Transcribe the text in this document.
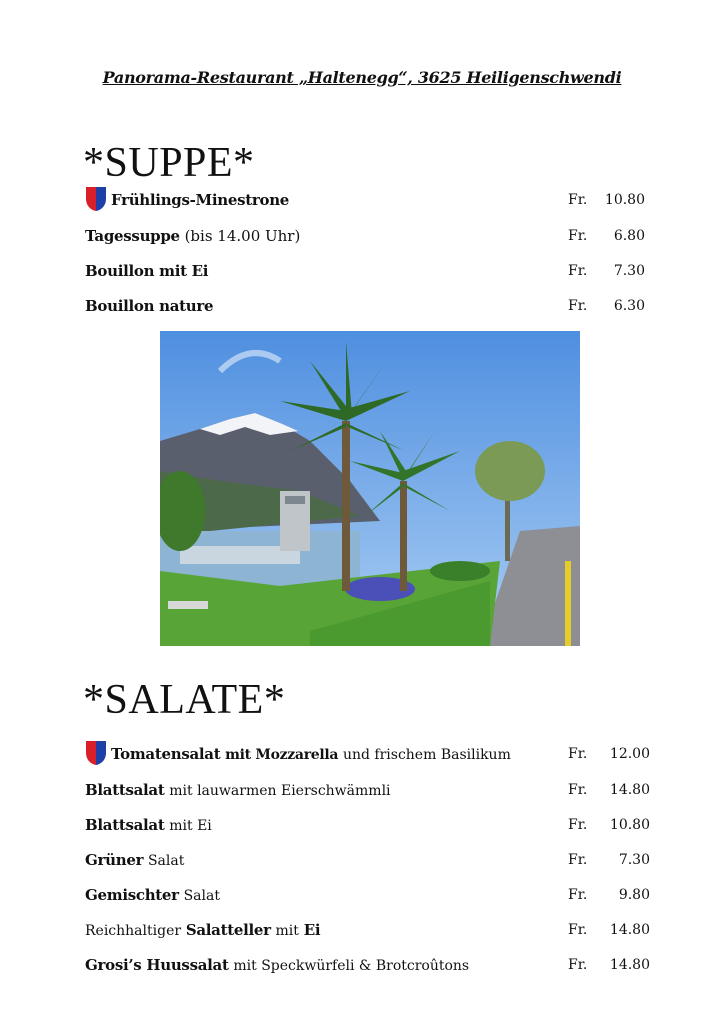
Panorama-Restaurant „Haltenegg“, 3625 Heiligenschwendi
*SUPPE*
Frühlings-Minestrone	Fr. 10.80
Tagessuppe (bis 14.00 Uhr)	Fr. 6.80
Bouillon mit Ei	Fr. 7.30
Bouillon nature	Fr. 6.30
*SALATE*
Tomatensalat mit Mozzarella und frischem Basilikum	Fr. 12.00
Blattsalat mit lauwarmen Eierschwämmli	Fr. 14.80
Blattsalat mit Ei	Fr. 10.80
Grüner Salat	Fr. 7.30
Gemischter Salat	Fr. 9.80
Reichhaltiger Salatteller mit Ei	Fr. 14.80
Grosi’s Huussalat mit Speckwürfeli & Brotcroûtons	Fr. 14.80
